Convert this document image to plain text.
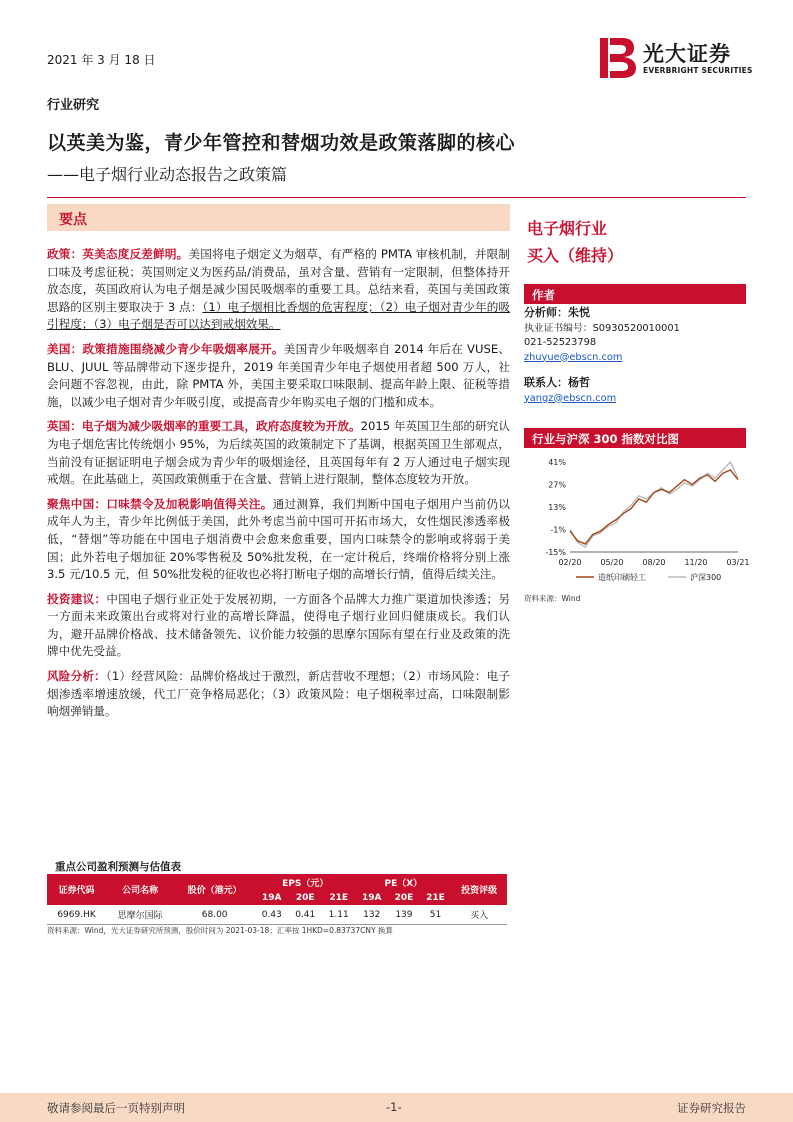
2021 年 3 月 18 日
行业研究
以英美为鉴，青少年管控和替烟功效是政策落脚的核心
——电子烟行业动态报告之政策篇
光大证券
EVERBRIGHT SECURITIES
要点

政策：英美态度反差鲜明。美国将电子烟定义为烟草，有严格的 PMTA 审核机制，并限制口味及考虑征税；英国则定义为医药品/消费品，虽对含量、营销有一定限制，但整体持开放态度，英国政府认为电子烟是减少国民吸烟率的重要工具。总结来看，英国与美国政策思路的区别主要取决于 3 点：（1）电子烟相比香烟的危害程度；（2）电子烟对青少年的吸引程度；（3）电子烟是否可以达到戒烟效果。

美国：政策措施围绕减少青少年吸烟率展开。美国青少年吸烟率自 2014 年后在 VUSE、BLU、JUUL 等品牌带动下逐步提升，2019 年美国青少年电子烟使用者超 500 万人，社会问题不容忽视，由此，除 PMTA 外，美国主要采取口味限制、提高年龄上限、征税等措施，以减少电子烟对青少年吸引度，或提高青少年购买电子烟的门槛和成本。

英国：电子烟为减少吸烟率的重要工具，政府态度较为开放。2015 年英国卫生部的研究认为电子烟危害比传统烟小 95%，为后续英国的政策制定下了基调，根据英国卫生部观点，当前没有证据证明电子烟会成为青少年的吸烟途径，且英国每年有 2 万人通过电子烟实现戒烟。在此基础上，英国政策侧重于在含量、营销上进行限制，整体态度较为开放。

聚焦中国：口味禁令及加税影响值得关注。通过测算，我们判断中国电子烟用户当前仍以成年人为主，青少年比例低于美国，此外考虑当前中国可开拓市场大，女性烟民渗透率极低，“替烟”等功能在中国电子烟消费中会愈来愈重要，国内口味禁令的影响或将弱于美国；此外若电子烟加征 20%零售税及 50%批发税，在一定计税后，终端价格将分别上涨 3.5 元/10.5 元，但 50%批发税的征收也必将打断电子烟的高增长行情，值得后续关注。

投资建议：中国电子烟行业正处于发展初期，一方面各个品牌大力推广渠道加快渗透；另一方面未来政策出台或将对行业的高增长降温，使得电子烟行业回归健康成长。我们认为，避开品牌价格战、技术储备领先、议价能力较强的思摩尔国际有望在行业及政策的洗牌中优先受益。

风险分析：（1）经营风险：品牌价格战过于激烈，新店营收不理想；（2）市场风险：电子烟渗透率增速放缓，代工厂竞争格局恶化；（3）政策风险：电子烟税率过高，口味限制影响烟弹销量。

电子烟行业
买入（维持）
作者
分析师：朱悦
执业证书编号：S0930520010001
021-52523798
zhuyue@ebscn.com
联系人：杨哲
yangz@ebscn.com
行业与沪深 300 指数对比图
41%
27%
13%
-1%
-15%
02/20 05/20 08/20 11/20 03/21
造纸印刷轻工	沪深300
资料来源：Wind
重点公司盈利预测与估值表
证券代码	公司名称	股价（港元）	EPS（元）			PE（X）			投资评级
			19A	20E	21E	19A	20E	21E	
6969.HK	思摩尔国际	68.00	0.43	0.41	1.11	132	139	51	买入
资料来源：Wind，光大证券研究所预测，股价时间为 2021-03-18；汇率按 1HKD=0.83737CNY 换算
敬请参阅最后一页特别声明	-1-	证券研究报告
